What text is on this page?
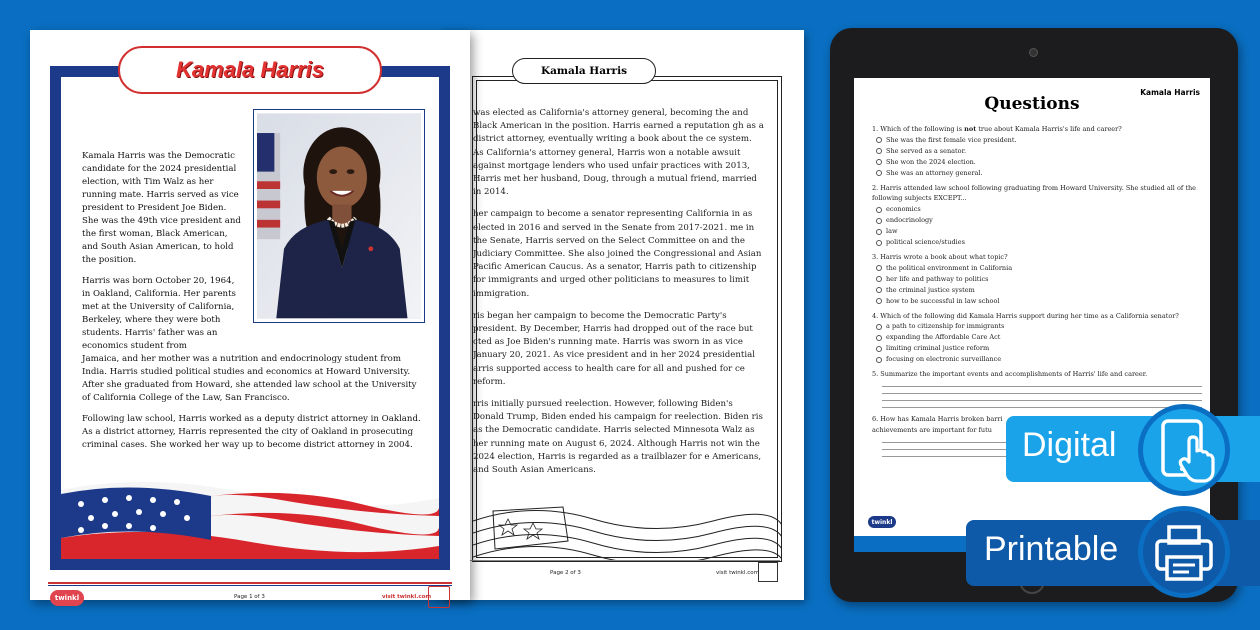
Kamala Harris

was elected as California's attorney general, becoming the and Black American in the position. Harris earned a reputation gh as a district attorney, eventually writing a book about the ce system. As California's attorney general, Harris won a notable awsuit against mortgage lenders who used unfair practices with 2013, Harris met her husband, Doug, through a mutual friend, married in 2014.

her campaign to become a senator representing California in as elected in 2016 and served in the Senate from 2017-2021. me in the Senate, Harris served on the Select Committee on and the Judiciary Committee. She also joined the Congressional and Asian Pacific American Caucus. As a senator, Harris path to citizenship for immigrants and urged other politicians to measures to limit immigration.

ris began her campaign to become the Democratic Party's president. By December, Harris had dropped out of the race but cted as Joe Biden's running mate. Harris was sworn in as vice January 20, 2021. As vice president and in her 2024 presidential arris supported access to health care for all and pushed for ce reform.

rris initially pursued reelection. However, following Biden's Donald Trump, Biden ended his campaign for reelection. Biden ris as the Democratic candidate. Harris selected Minnesota Walz as her running mate on August 6, 2024. Although Harris not win the 2024 election, Harris is regarded as a trailblazer for e Americans, and South Asian Americans.

Page 2 of 3	visit twinkl.com
Kamala Harris

Kamala Harris was the Democratic candidate for the 2024 presidential election, with Tim Walz as her running mate. Harris served as vice president to President Joe Biden. She was the 49th vice president and the first woman, Black American, and South Asian American, to hold the position.

Harris was born October 20, 1964, in Oakland, California. Her parents met at the University of California, Berkeley, where they were both students. Harris' father was an economics student from

Jamaica, and her mother was a nutrition and endocrinology student from India. Harris studied political studies and economics at Howard University. After she graduated from Howard, she attended law school at the University of California College of the Law, San Francisco.

Following law school, Harris worked as a deputy district attorney in Oakland. As a district attorney, Harris represented the city of Oakland in prosecuting criminal cases. She worked her way up to become district attorney in 2004.

twinkl	Page 1 of 3	visit twinkl.com
Kamala Harris
Questions
1. Which of the following is not true about Kamala Harris's life and career?
She was the first female vice president.
She served as a senator.
She won the 2024 election.
She was an attorney general.
2. Harris attended law school following graduating from Howard University. She studied all of the following subjects EXCEPT...
economics
endocrinology
law
political science/studies
3. Harris wrote a book about what topic?
the political environment in California
her life and pathway to politics
the criminal justice system
how to be successful in law school
4. Which of the following did Kamala Harris support during her time as a California senator?
a path to citizenship for immigrants
expanding the Affordable Care Act
limiting criminal justice reform
focusing on electronic surveillance
5. Summarize the important events and accomplishments of Harris' life and career.
6. How has Kamala Harris broken barri achievements are important for futu
twinkl
Digital
Printable
